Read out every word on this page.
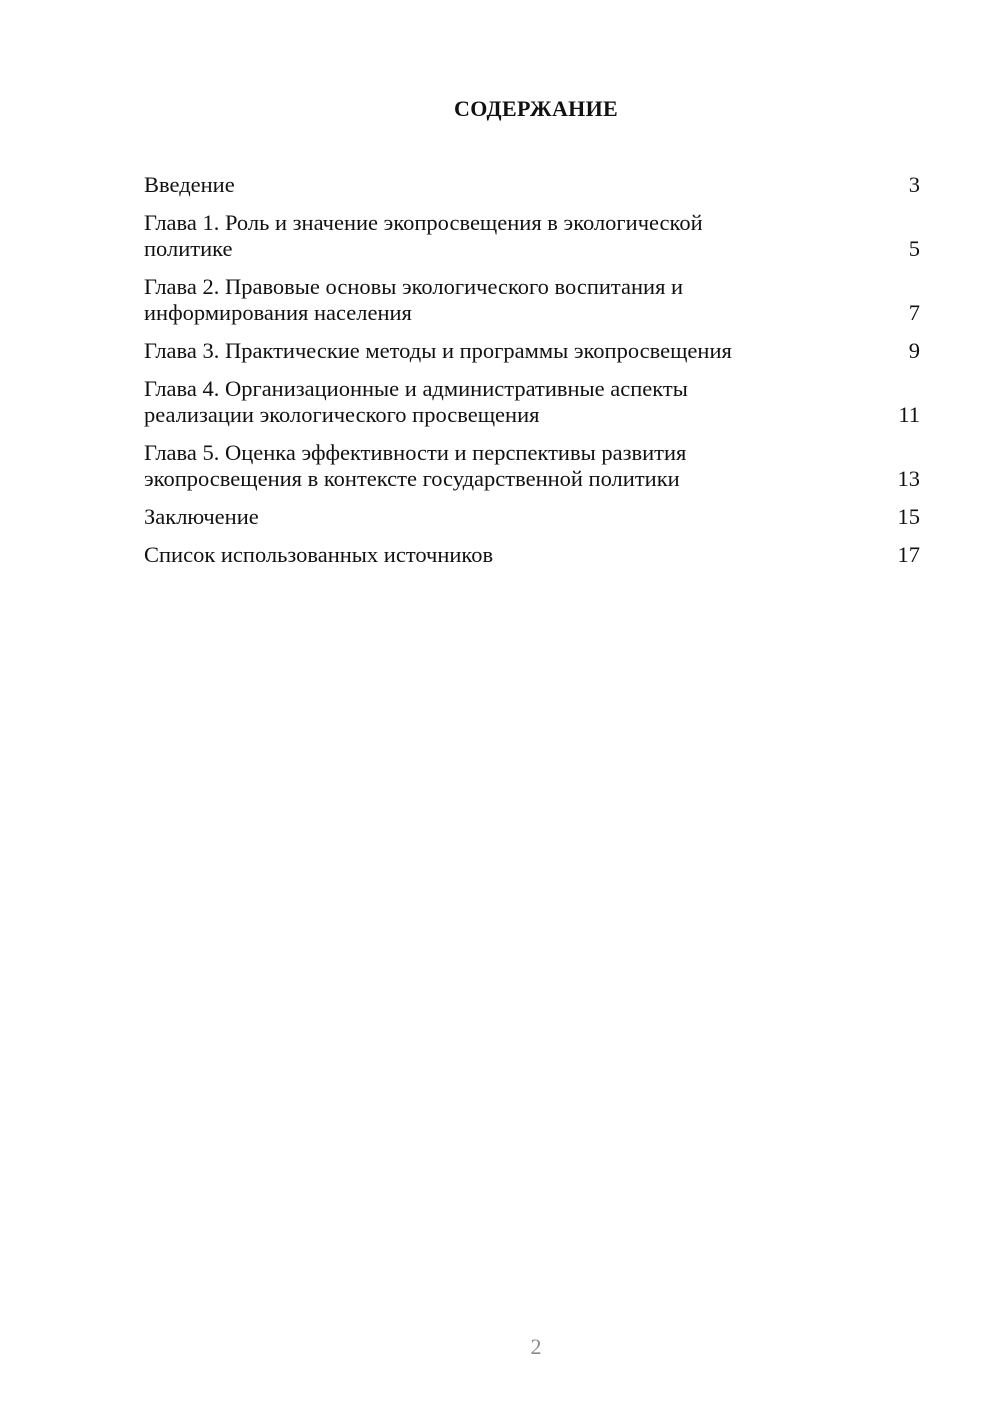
СОДЕРЖАНИЕ
Введение	3
Глава 1. Роль и значение экопросвещения в экологической
политике	5
Глава 2. Правовые основы экологического воспитания и
информирования населения	7
Глава 3. Практические методы и программы экопросвещения	9
Глава 4. Организационные и административные аспекты
реализации экологического просвещения	11
Глава 5. Оценка эффективности и перспективы развития
экопросвещения в контексте государственной политики	13
Заключение	15
Список использованных источников	17
2
